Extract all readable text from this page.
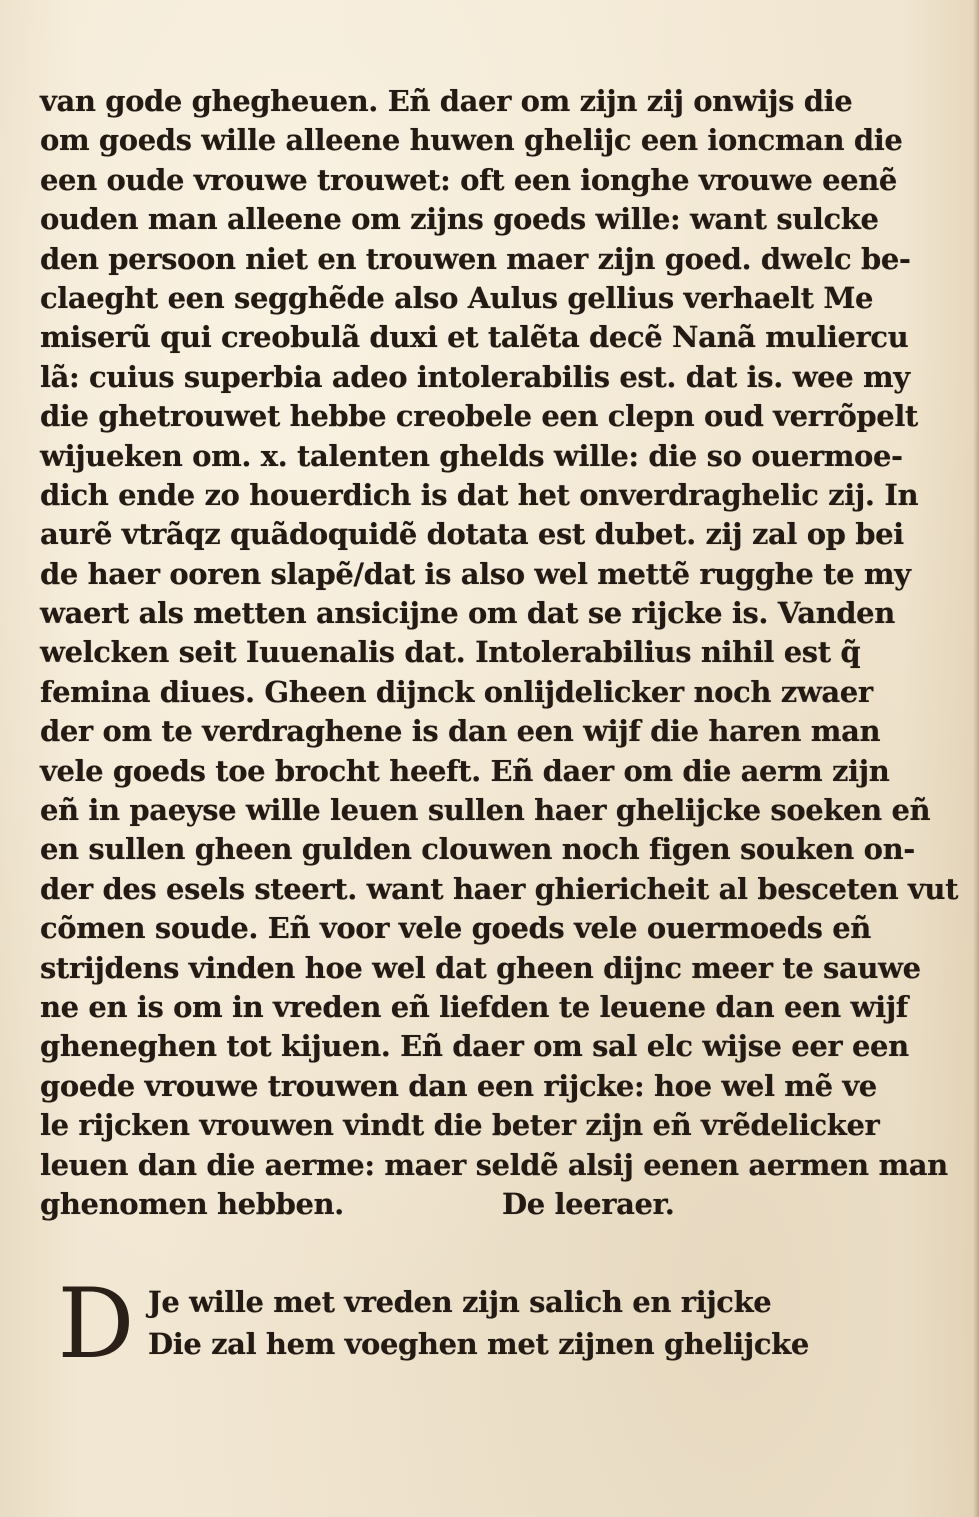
van gode ghegheuen. Eñ daer om zijn zij onwijs die
om goeds wille alleene huwen ghelijc een ioncman die
een oude vrouwe trouwet: oft een ionghe vrouwe eenẽ
ouden man alleene om zijns goeds wille: want sulcke
den persoon niet en trouwen maer zijn goed. dwelc be-
claeght een segghẽde also Aulus gellius verhaelt Me
miserũ qui creobulã duxi et talẽta decẽ Nanã muliercu
lã: cuius superbia adeo intolerabilis est. dat is. wee my
die ghetrouwet hebbe creobele een clepn oud verrõpelt
wijueken om. x. talenten ghelds wille: die so ouermoe-
dich ende zo houerdich is dat het onverdraghelic zij. In
aurẽ vtrãqz quãdoquidẽ dotata est dubet. zij zal op bei
de haer ooren slapẽ/dat is also wel mettẽ rugghe te my
waert als metten ansicijne om dat se rijcke is. Vanden
welcken seit Iuuenalis dat. Intolerabilius nihil est q̃
femina diues. Gheen dijnck onlijdelicker noch zwaer
der om te verdraghene is dan een wijf die haren man
vele goeds toe brocht heeft. Eñ daer om die aerm zijn
eñ in paeyse wille leuen sullen haer ghelijcke soeken eñ
en sullen gheen gulden clouwen noch figen souken on-
der des esels steert. want haer ghiericheit al besceten vut
cõmen soude. Eñ voor vele goeds vele ouermoeds eñ
strijdens vinden hoe wel dat gheen dijnc meer te sauwe
ne en is om in vreden eñ liefden te leuene dan een wijf
gheneghen tot kijuen. Eñ daer om sal elc wijse eer een
goede vrouwe trouwen dan een rijcke: hoe wel mẽ ve
le rijcken vrouwen vindt die beter zijn eñ vrẽdelicker
leuen dan die aerme: maer seldẽ alsij eenen aermen man
ghenomen hebben.	De leeraer.
D Je wille met vreden zijn salich en rijcke
Die zal hem voeghen met zijnen ghelijcke
